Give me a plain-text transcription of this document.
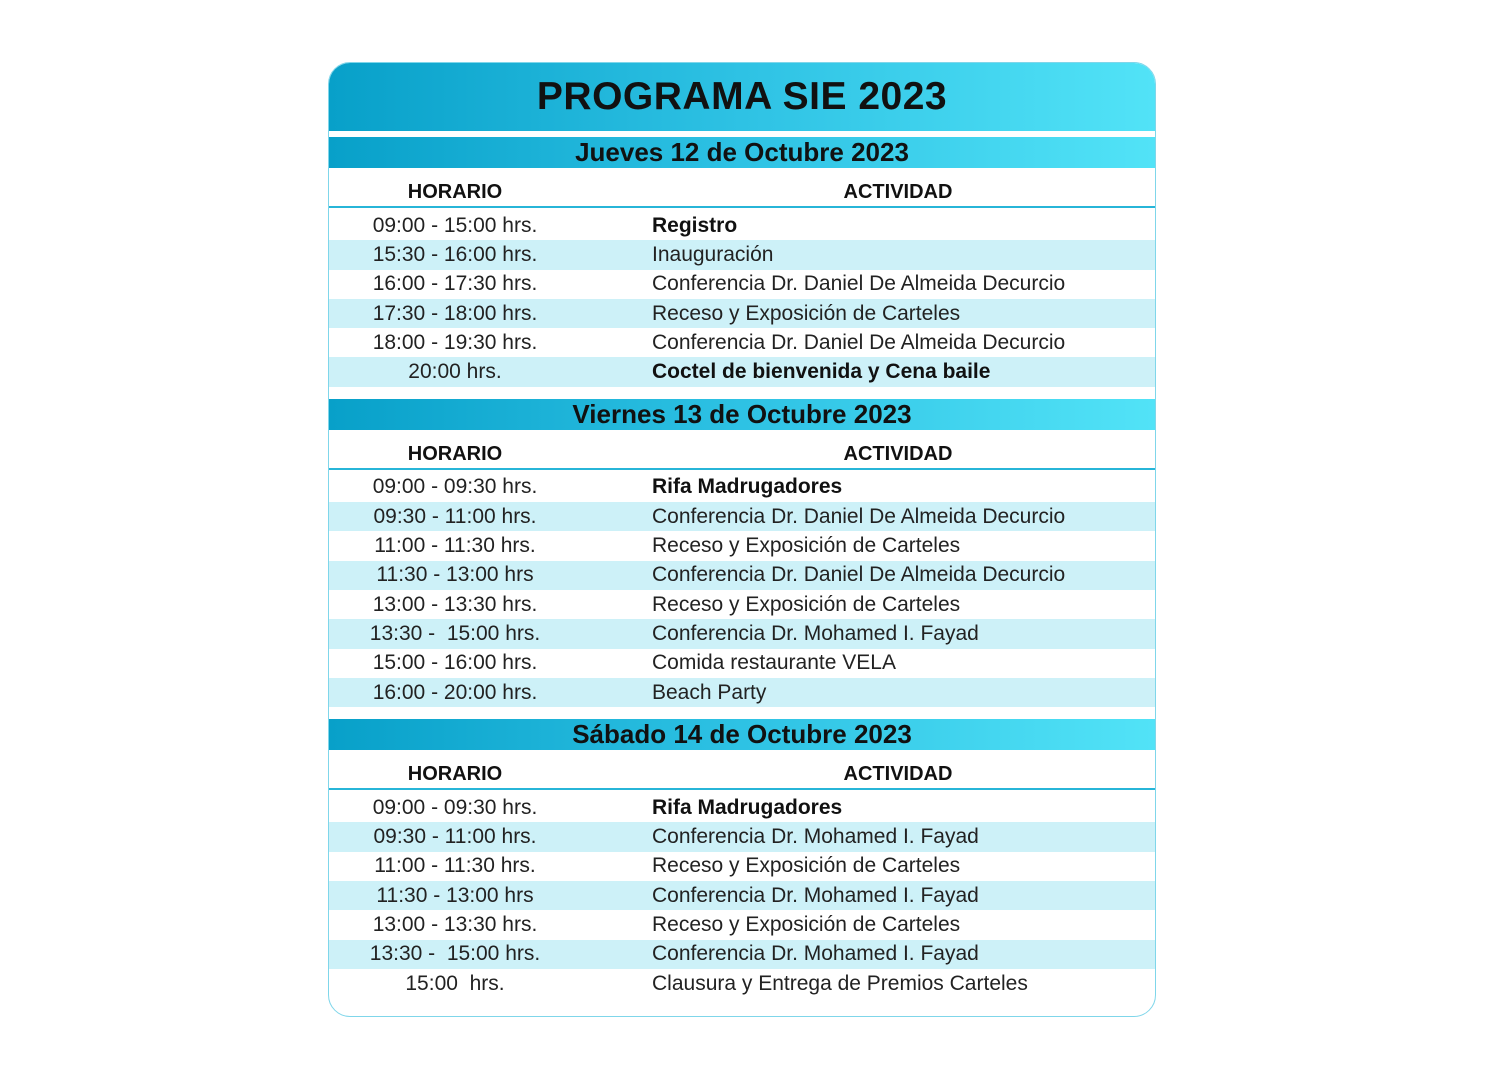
PROGRAMA SIE 2023
Jueves 12 de Octubre 2023
HORARIO	ACTIVIDAD
09:00 - 15:00 hrs.	Registro
15:30 - 16:00 hrs.	Inauguración
16:00 - 17:30 hrs.	Conferencia Dr. Daniel De Almeida Decurcio
17:30 - 18:00 hrs.	Receso y Exposición de Carteles
18:00 - 19:30 hrs.	Conferencia Dr. Daniel De Almeida Decurcio
20:00 hrs.	Coctel de bienvenida y Cena baile
Viernes 13 de Octubre 2023
HORARIO	ACTIVIDAD
09:00 - 09:30 hrs.	Rifa Madrugadores
09:30 - 11:00 hrs.	Conferencia Dr. Daniel De Almeida Decurcio
11:00 - 11:30 hrs.	Receso y Exposición de Carteles
11:30 - 13:00 hrs	Conferencia Dr. Daniel De Almeida Decurcio
13:00 - 13:30 hrs.	Receso y Exposición de Carteles
13:30 -  15:00 hrs.	Conferencia Dr. Mohamed I. Fayad
15:00 - 16:00 hrs.	Comida restaurante VELA
16:00 - 20:00 hrs.	Beach Party
Sábado 14 de Octubre 2023
HORARIO	ACTIVIDAD
09:00 - 09:30 hrs.	Rifa Madrugadores
09:30 - 11:00 hrs.	Conferencia Dr. Mohamed I. Fayad
11:00 - 11:30 hrs.	Receso y Exposición de Carteles
11:30 - 13:00 hrs	Conferencia Dr. Mohamed I. Fayad
13:00 - 13:30 hrs.	Receso y Exposición de Carteles
13:30 -  15:00 hrs.	Conferencia Dr. Mohamed I. Fayad
15:00  hrs.	Clausura y Entrega de Premios Carteles
